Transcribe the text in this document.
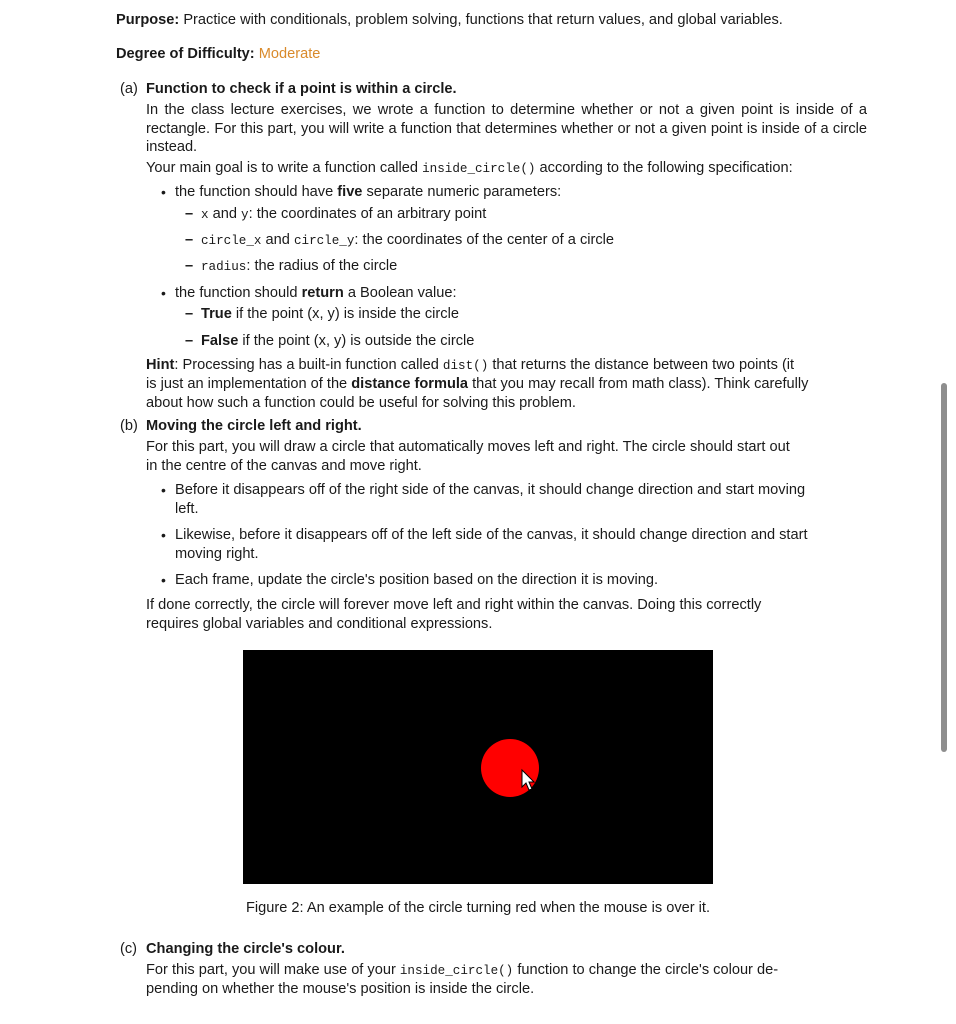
Purpose: Practice with conditionals, problem solving, functions that return values, and global variables.
Degree of Difficulty: Moderate
(a) Function to check if a point is within a circle.
In the class lecture exercises, we wrote a function to determine whether or not a given point is inside of a rectangle. For this part, you will write a function that determines whether or not a given point is inside of a circle instead.
Your main goal is to write a function called inside_circle() according to the following specification:
• the function should have five separate numeric parameters:
– x and y: the coordinates of an arbitrary point
– circle_x and circle_y: the coordinates of the center of a circle
– radius: the radius of the circle
• the function should return a Boolean value:
– True if the point (x, y) is inside the circle
– False if the point (x, y) is outside the circle
Hint: Processing has a built-in function called dist() that returns the distance between two points (it
is just an implementation of the distance formula that you may recall from math class). Think carefully
about how such a function could be useful for solving this problem.
(b) Moving the circle left and right.
For this part, you will draw a circle that automatically moves left and right. The circle should start out
in the centre of the canvas and move right.
• Before it disappears off of the right side of the canvas, it should change direction and start moving
left.
• Likewise, before it disappears off of the left side of the canvas, it should change direction and start
moving right.
• Each frame, update the circle's position based on the direction it is moving.
If done correctly, the circle will forever move left and right within the canvas. Doing this correctly
requires global variables and conditional expressions.
Figure 2: An example of the circle turning red when the mouse is over it.
(c) Changing the circle's colour.
For this part, you will make use of your inside_circle() function to change the circle's colour de-
pending on whether the mouse's position is inside the circle.
